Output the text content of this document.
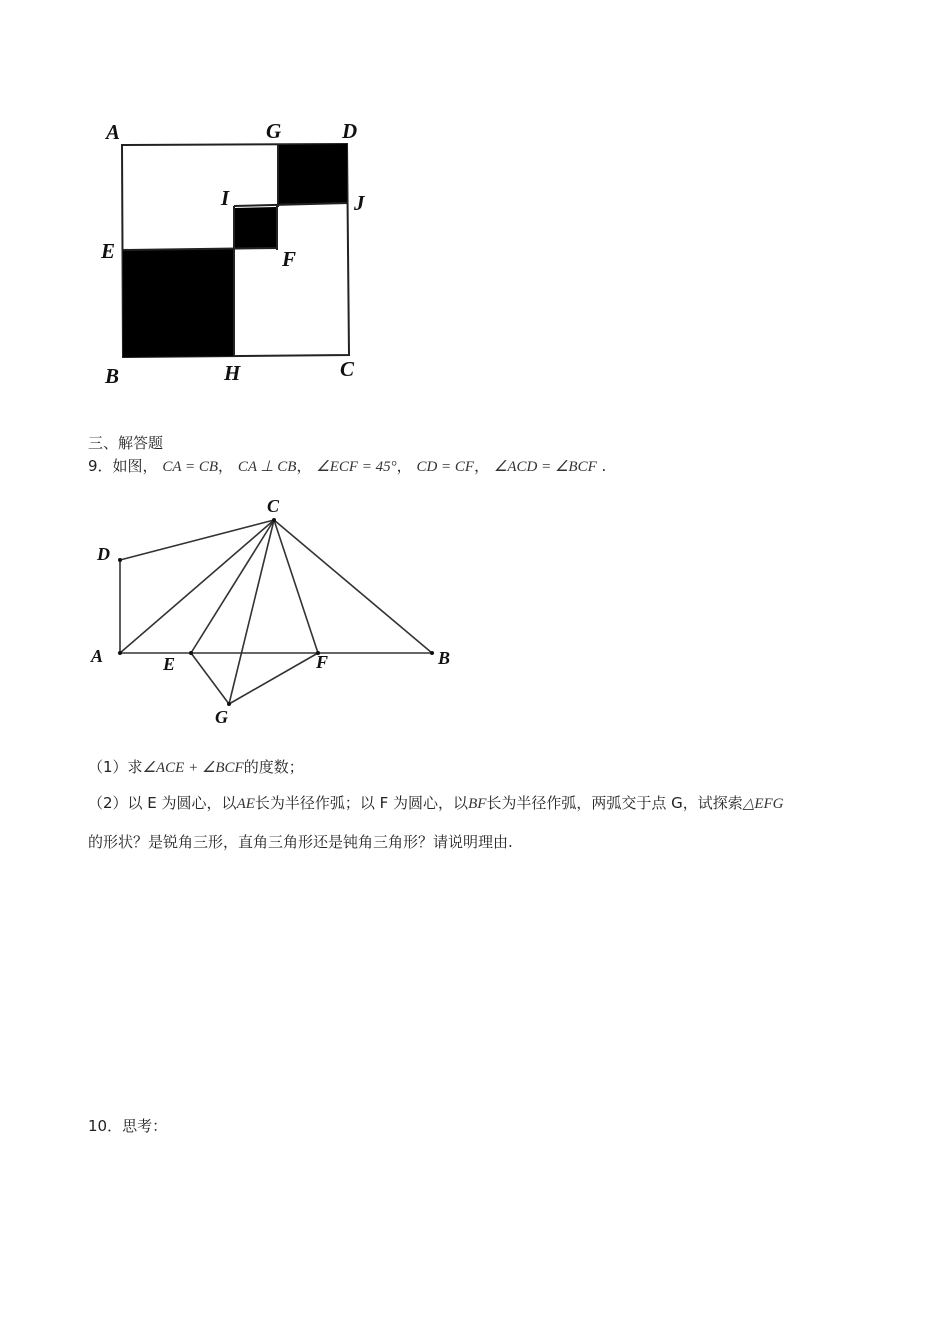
A	G	D
I	J
E	F
B	H	C
三、解答题
9．如图， CA = CB， CA ⊥ CB， ∠ECF = 45°， CD = CF， ∠ACD = ∠BCF .
C
D
A	E	F	B
G
（1）求∠ACE + ∠BCF的度数；
（2）以 E 为圆心，以AE长为半径作弧；以 F 为圆心，以BF长为半径作弧，两弧交于点 G，试探索△EFG
的形状？是锐角三形，直角三角形还是钝角三角形？请说明理由.
10．思考：
